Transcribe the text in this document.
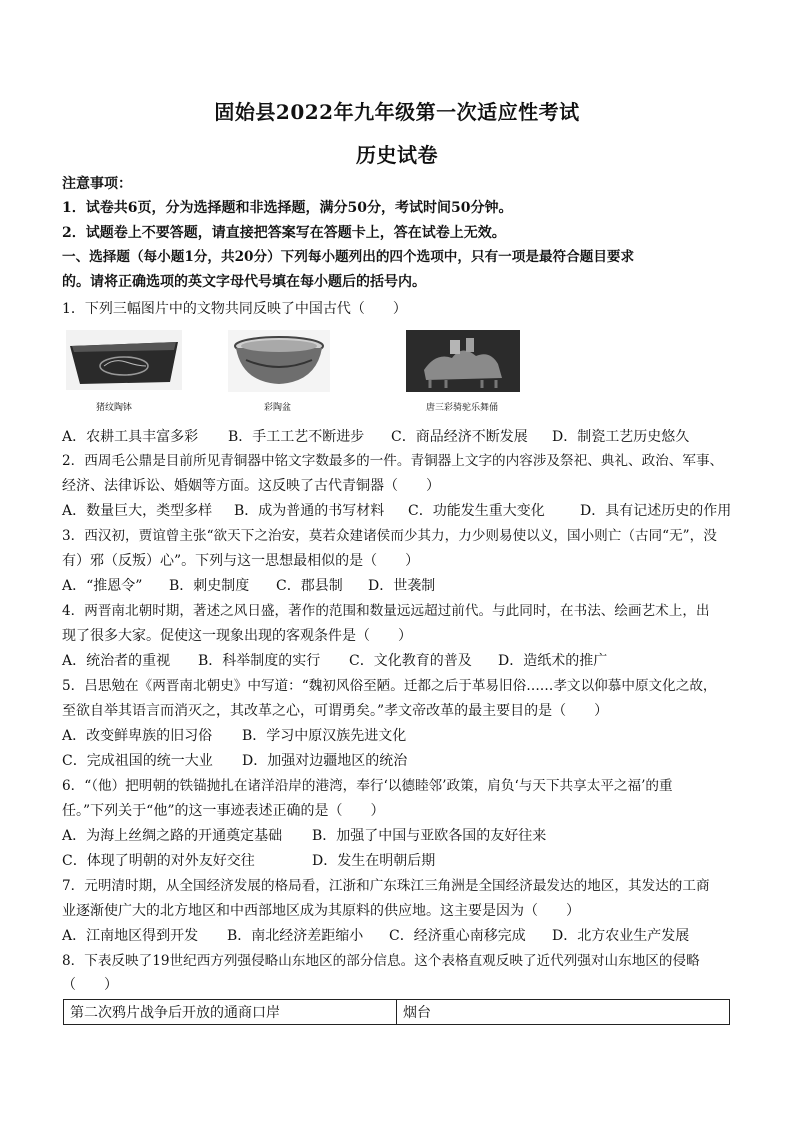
固始县2022年九年级第一次适应性考试
历史试卷
注意事项：
1．试卷共6页，分为选择题和非选择题，满分50分，考试时间50分钟。
2．试题卷上不要答题，请直接把答案写在答题卡上，答在试卷上无效。
一、选择题（每小题1分，共20分）下列每小题列出的四个选项中，只有一项是最符合题目要求
的。请将正确选项的英文字母代号填在每小题后的括号内。
1．下列三幅图片中的文物共同反映了中国古代（　　）
猪纹陶钵	彩陶盆	唐三彩骑驼乐舞俑
A．农耕工具丰富多彩 B．手工工艺不断进步 C．商品经济不断发展 D．制瓷工艺历史悠久
2．西周毛公鼎是目前所见青铜器中铭文字数最多的一件。青铜器上文字的内容涉及祭祀、典礼、政治、军事、
经济、法律诉讼、婚姻等方面。这反映了古代青铜器（　　）
A．数量巨大，类型多样 B．成为普通的书写材料 C．功能发生重大变化	D．具有记述历史的作用
3．西汉初，贾谊曾主张“欲天下之治安，莫若众建诸侯而少其力，力少则易使以义，国小则亡（古同“无”，没
有）邪（反叛）心”。下列与这一思想最相似的是（　　）
A．“推恩令” B．刺史制度 C．郡县制 D．世袭制
4．两晋南北朝时期，著述之风日盛，著作的范围和数量远远超过前代。与此同时，在书法、绘画艺术上，出
现了很多大家。促使这一现象出现的客观条件是（　　）
A．统治者的重视 B．科举制度的实行 C．文化教育的普及 D．造纸术的推广
5．吕思勉在《两晋南北朝史》中写道：“魏初风俗至陋。迁都之后于革易旧俗……孝文以仰慕中原文化之故，
至欲自举其语言而消灭之，其改革之心，可谓勇矣。”孝文帝改革的最主要目的是（　　）
A．改变鲜卑族的旧习俗 B．学习中原汉族先进文化
C．完成祖国的统一大业 D．加强对边疆地区的统治
6．“（他）把明朝的铁锚抛扎在诸洋沿岸的港湾，奉行‘以德睦邻’政策，肩负‘与天下共享太平之福’的重
任。”下列关于“他”的这一事迹表述正确的是（　　）
A．为海上丝绸之路的开通奠定基础 B．加强了中国与亚欧各国的友好往来
C．体现了明朝的对外友好交往	D．发生在明朝后期
7．元明清时期，从全国经济发展的格局看，江浙和广东珠江三角洲是全国经济最发达的地区，其发达的工商
业逐渐使广大的北方地区和中西部地区成为其原料的供应地。这主要是因为（　　）
A．江南地区得到开发 B．南北经济差距缩小 C．经济重心南移完成 D．北方农业生产发展
8．下表反映了19世纪西方列强侵略山东地区的部分信息。这个表格直观反映了近代列强对山东地区的侵略
（　　）
第二次鸦片战争后开放的通商口岸	烟台
